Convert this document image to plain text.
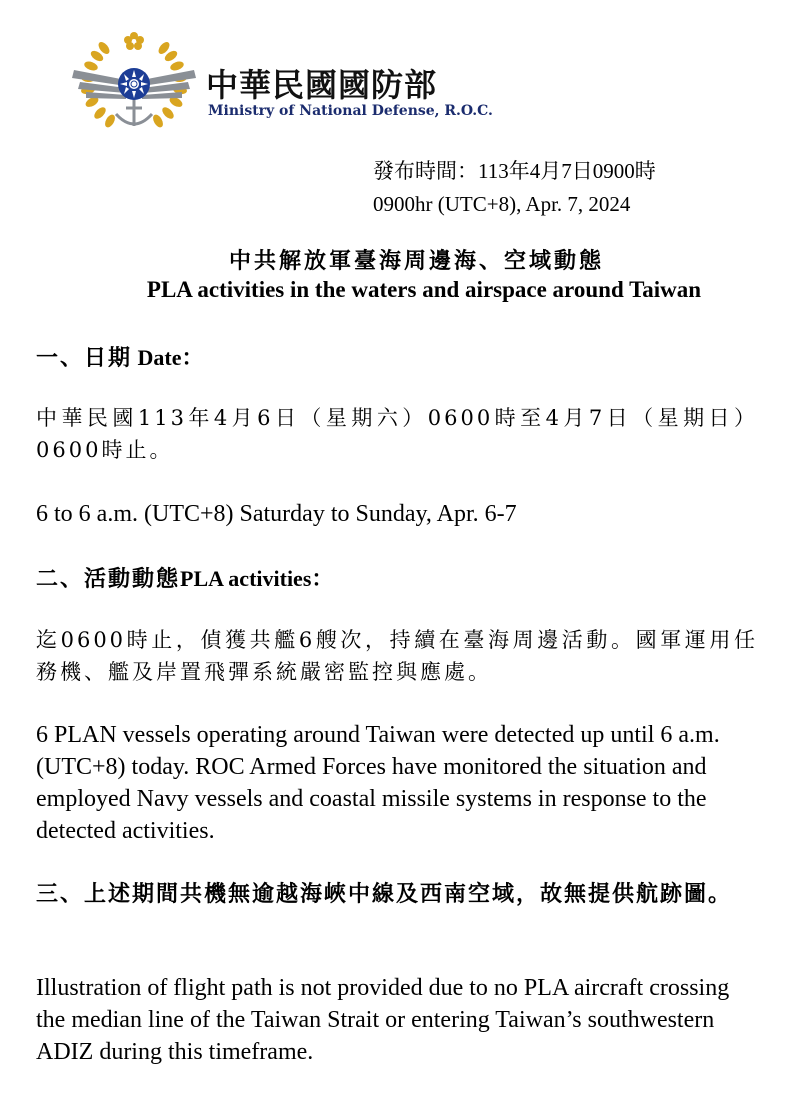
中華民國國防部
Ministry of National Defense, R.O.C.
發布時間：113年4月7日0900時
0900hr (UTC+8), Apr. 7, 2024
中共解放軍臺海周邊海、空域動態
PLA activities in the waters and airspace around Taiwan
一、日期 Date：
中華民國113年4月6日（星期六）0600時至4月7日（星期日）0600時止。
6 to 6 a.m. (UTC+8) Saturday to Sunday, Apr. 6-7
二、活動動態PLA activities：
迄0600時止，偵獲共艦6艘次，持續在臺海周邊活動。國軍運用任務機、艦及岸置飛彈系統嚴密監控與應處。
6 PLAN vessels operating around Taiwan were detected up until 6 a.m. (UTC+8) today. ROC Armed Forces have monitored the situation and employed Navy vessels and coastal missile systems in response to the detected activities.
三、上述期間共機無逾越海峽中線及西南空域，故無提供航跡圖。
Illustration of flight path is not provided due to no PLA aircraft crossing the median line of the Taiwan Strait or entering Taiwan’s southwestern ADIZ during this timeframe.
